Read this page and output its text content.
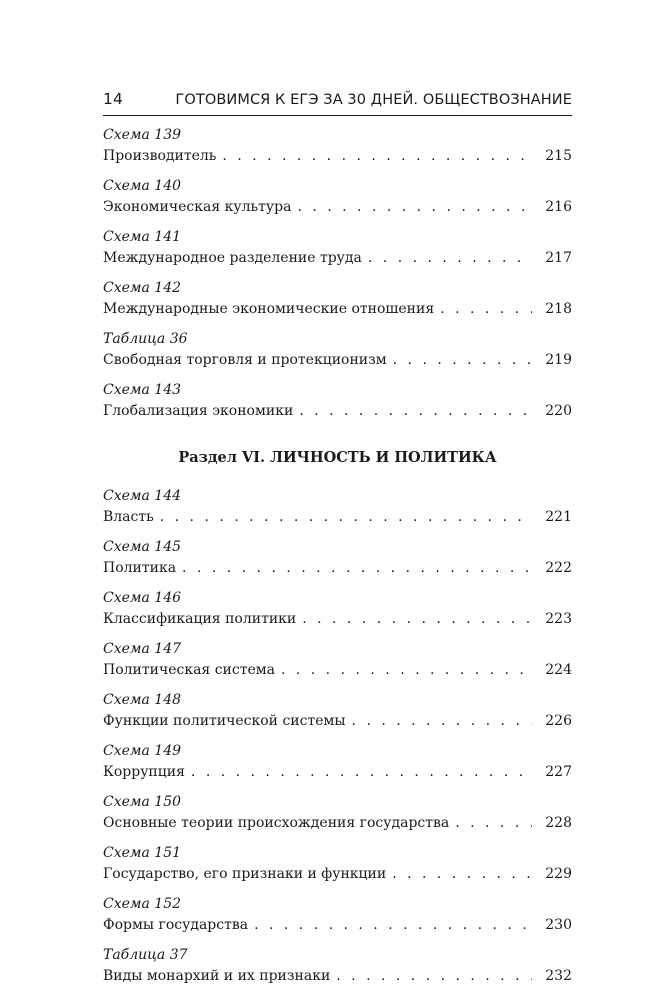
14	ГОТОВИМСЯ К ЕГЭ ЗА 30 ДНЕЙ. ОБЩЕСТВОЗНАНИЕ
Схема 139
Производитель . . .	215
Схема 140
Экономическая культура . . .	216
Схема 141
Международное разделение труда . . .	217
Схема 142
Международные экономические отношения . . .	218
Таблица 36
Свободная торговля и протекционизм . . .	219
Схема 143
Глобализация экономики . . .	220
Раздел VI. ЛИЧНОСТЬ И ПОЛИТИКА
Схема 144
Власть . . .	221
Схема 145
Политика . . .	222
Схема 146
Классификация политики . . .	223
Схема 147
Политическая система . . .	224
Схема 148
Функции политической системы . . .	226
Схема 149
Коррупция . . .	227
Схема 150
Основные теории происхождения государства . . .	228
Схема 151
Государство, его признаки и функции . . .	229
Схема 152
Формы государства . . .	230
Таблица 37
Виды монархий и их признаки . . .	232
